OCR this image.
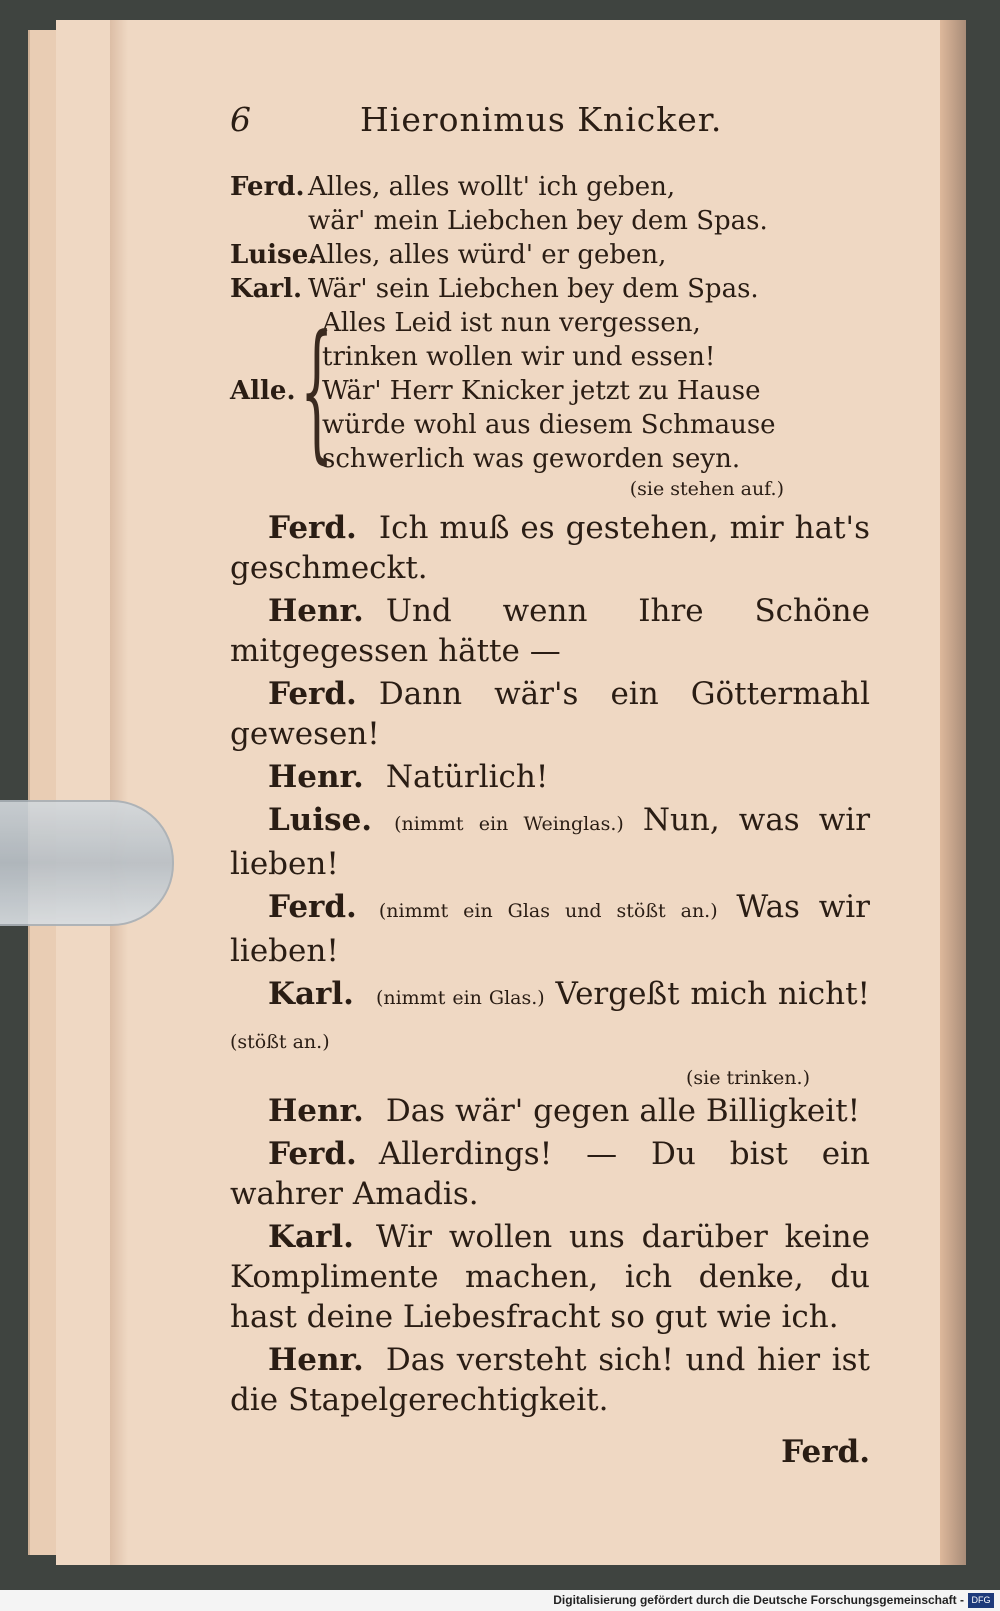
6	Hieronimus Knicker.
Ferd. Alles, alles wollt' ich geben,
wär' mein Liebchen bey dem Spas.
Luise.
Alles, alles würd' er geben,
Karl. Wär' sein Liebchen bey dem Spas.
Alle. {
Alles Leid ist nun vergessen,
trinken wollen wir und essen!
Wär' Herr Knicker jetzt zu Hause
würde wohl aus diesem Schmause
schwerlich was geworden seyn.
(sie stehen auf.)

Ferd. Ich muß es gestehen, mir hat's geschmeckt.

Henr. Und wenn Ihre Schöne mitgegessen hätte —

Ferd. Dann wär's ein Göttermahl gewesen!

Henr. Natürlich!

Luise. (nimmt ein Weinglas.) Nun, was wir lieben!

Ferd. (nimmt ein Glas und stößt an.) Was wir lieben!

Karl. (nimmt ein Glas.) Vergeßt mich nicht! (stößt an.)

(sie trinken.)

Henr. Das wär' gegen alle Billigkeit!

Ferd. Allerdings! — Du bist ein wahrer Amadis.

Karl. Wir wollen uns darüber keine Komplimente machen, ich denke, du hast deine Liebesfracht so gut wie ich.

Henr. Das versteht sich! und hier ist die Stapelgerechtigkeit.

Ferd.
Digitalisierung gefördert durch die Deutsche Forschungsgemeinschaft - DFG
